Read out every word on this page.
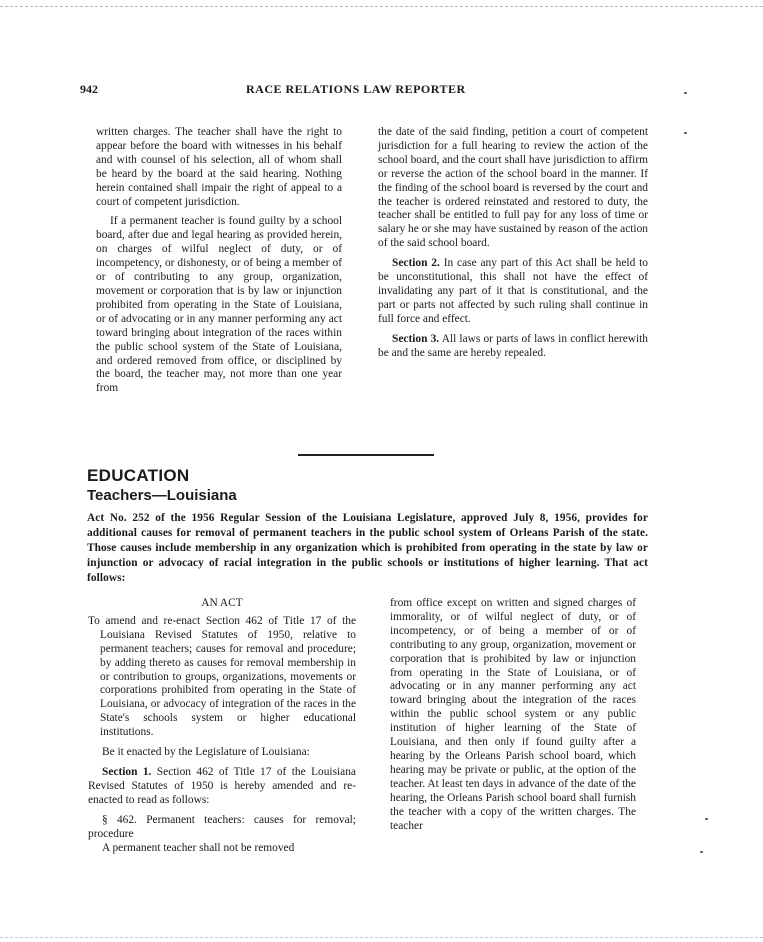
942	RACE RELATIONS LAW REPORTER

written charges. The teacher shall have the right to appear before the board with witnesses in his behalf and with counsel of his selection, all of whom shall be heard by the board at the said hearing. Nothing herein contained shall impair the right of appeal to a court of competent jurisdiction.

If a permanent teacher is found guilty by a school board, after due and legal hearing as provided herein, on charges of wilful neglect of duty, or of incompetency, or dishonesty, or of being a member of or of contributing to any group, organization, movement or corporation that is by law or injunction prohibited from operating in the State of Louisiana, or of advocating or in any manner performing any act toward bringing about integration of the races within the public school system of the State of Louisiana, and ordered removed from office, or disciplined by the board, the teacher may, not more than one year from

the date of the said finding, petition a court of competent jurisdiction for a full hearing to review the action of the school board, and the court shall have jurisdiction to affirm or reverse the action of the school board in the manner. If the finding of the school board is reversed by the court and the teacher is ordered reinstated and restored to duty, the teacher shall be entitled to full pay for any loss of time or salary he or she may have sustained by reason of the action of the said school board.

Section 2. In case any part of this Act shall be held to be unconstitutional, this shall not have the effect of invalidating any part of it that is constitutional, and the part or parts not affected by such ruling shall continue in full force and effect.

Section 3. All laws or parts of laws in conflict herewith be and the same are hereby repealed.

EDUCATION
Teachers—Louisiana
Act No. 252 of the 1956 Regular Session of the Louisiana Legislature, approved July 8, 1956, provides for additional causes for removal of permanent teachers in the public school system of Orleans Parish of the state. Those causes include membership in any organization which is prohibited from operating in the state by law or injunction or advocacy of racial integration in the public schools or institutions of higher learning. That act follows:

AN ACT

To amend and re-enact Section 462 of Title 17 of the Louisiana Revised Statutes of 1950, relative to permanent teachers; causes for removal and procedure; by adding thereto as causes for removal membership in or contribution to groups, organizations, movements or corporations prohibited from operating in the State of Louisiana, or advocacy of integration of the races in the State's schools system or higher educational institutions.

Be it enacted by the Legislature of Louisiana:

Section 1. Section 462 of Title 17 of the Louisiana Revised Statutes of 1950 is hereby amended and re-enacted to read as follows:

§ 462. Permanent teachers: causes for removal; procedure

A permanent teacher shall not be removed

from office except on written and signed charges of immorality, or of wilful neglect of duty, or of incompetency, or of being a member of or of contributing to any group, organization, movement or corporation that is prohibited by law or injunction from operating in the State of Louisiana, or of advocating or in any manner performing any act toward bringing about the integration of the races within the public school system or any public institution of higher learning of the State of Louisiana, and then only if found guilty after a hearing by the Orleans Parish school board, which hearing may be private or public, at the option of the teacher. At least ten days in advance of the date of the hearing, the Orleans Parish school board shall furnish the teacher with a copy of the written charges. The teacher
